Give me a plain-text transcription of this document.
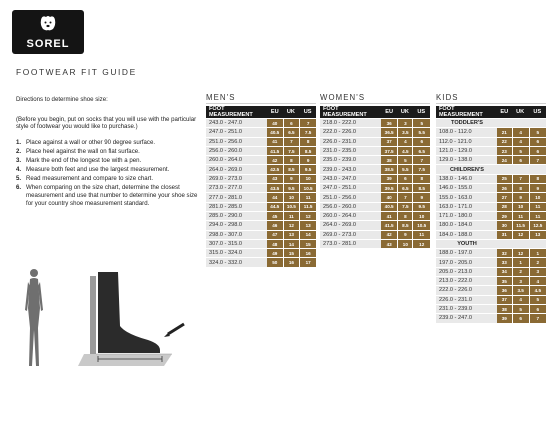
SOREL
FOOTWEAR FIT GUIDE

Directions to determine shoe size:

(Before you begin, put on socks that you will use with the particular style of footwear you would like to purchase.)

1. Place against a wall or other 90 degree surface.
2. Place heel against the wall on flat surface.
3. Mark the end of the longest toe with a pen.
4. Measure both feet and use the largest measurement.
5. Read measurement and compare to size chart.
6. When comparing on the size chart, determine the closest measurement and use that number to determine your shoe size for your country shoe measurement standard.
MEN'S
FOOT MEASUREMENT	EU	UK	US
243.0 - 247.0	40	6	7
247.0 - 251.0	40.5	6.5	7.5
251.0 - 256.0	41	7	8
256.0 - 260.0	41.5	7.5	8.5
260.0 - 264.0	42	8	9
264.0 - 269.0	42.5	8.5	9.5
269.0 - 273.0	43	9	10
273.0 - 277.0	43.5	9.5	10.5
277.0 - 281.0	44	10	11
281.0 - 285.0	44.5	10.5	11.5
285.0 - 290.0	45	11	12
294.0 - 298.0	46	12	13
298.0 - 307.0	47	13	14
307.0 - 315.0	48	14	15
315.0 - 324.0	49	15	16
324.0 - 332.0	50	16	17
WOMEN'S
FOOT MEASUREMENT	EU	UK	US
218.0 - 222.0	36	3	5
222.0 - 226.0	36.5	3.5	5.5
226.0 - 231.0	37	4	6
231.0 - 235.0	37.5	4.5	6.5
235.0 - 239.0	38	5	7
239.0 - 243.0	38.5	5.5	7.5
243.0 - 247.0	39	6	8
247.0 - 251.0	39.5	6.5	8.5
251.0 - 256.0	40	7	9
256.0 - 260.0	40.5	7.5	9.5
260.0 - 264.0	41	8	10
264.0 - 269.0	41.5	8.5	10.5
269.0 - 273.0	42	9	11
273.0 - 281.0	43	10	12
KIDS
FOOT MEASUREMENT	EU	UK	US
TODDLER'S			
108.0 - 112.0	21	4	5
112.0 - 121.0	22	4	6
121.0 - 129.0	23	5	6
129.0 - 138.0	24	6	7
CHILDREN'S			
138.0 - 146.0	25	7	8
146.0 - 155.0	26	8	9
155.0 - 163.0	27	9	10
163.0 - 171.0	28	10	11
171.0 - 180.0	29	11	11
180.0 - 184.0	30	11.5	12.5
184.0 - 188.0	31	12	13
YOUTH			
188.0 - 197.0	32	12	1
197.0 - 205.0	33	1	2
205.0 - 213.0	34	2	3
213.0 - 222.0	35	3	4
222.0 - 226.0	36	3.5	4.5
226.0 - 231.0	37	4	5
231.0 - 239.0	38	5	6
239.0 - 247.0	39	6	7
